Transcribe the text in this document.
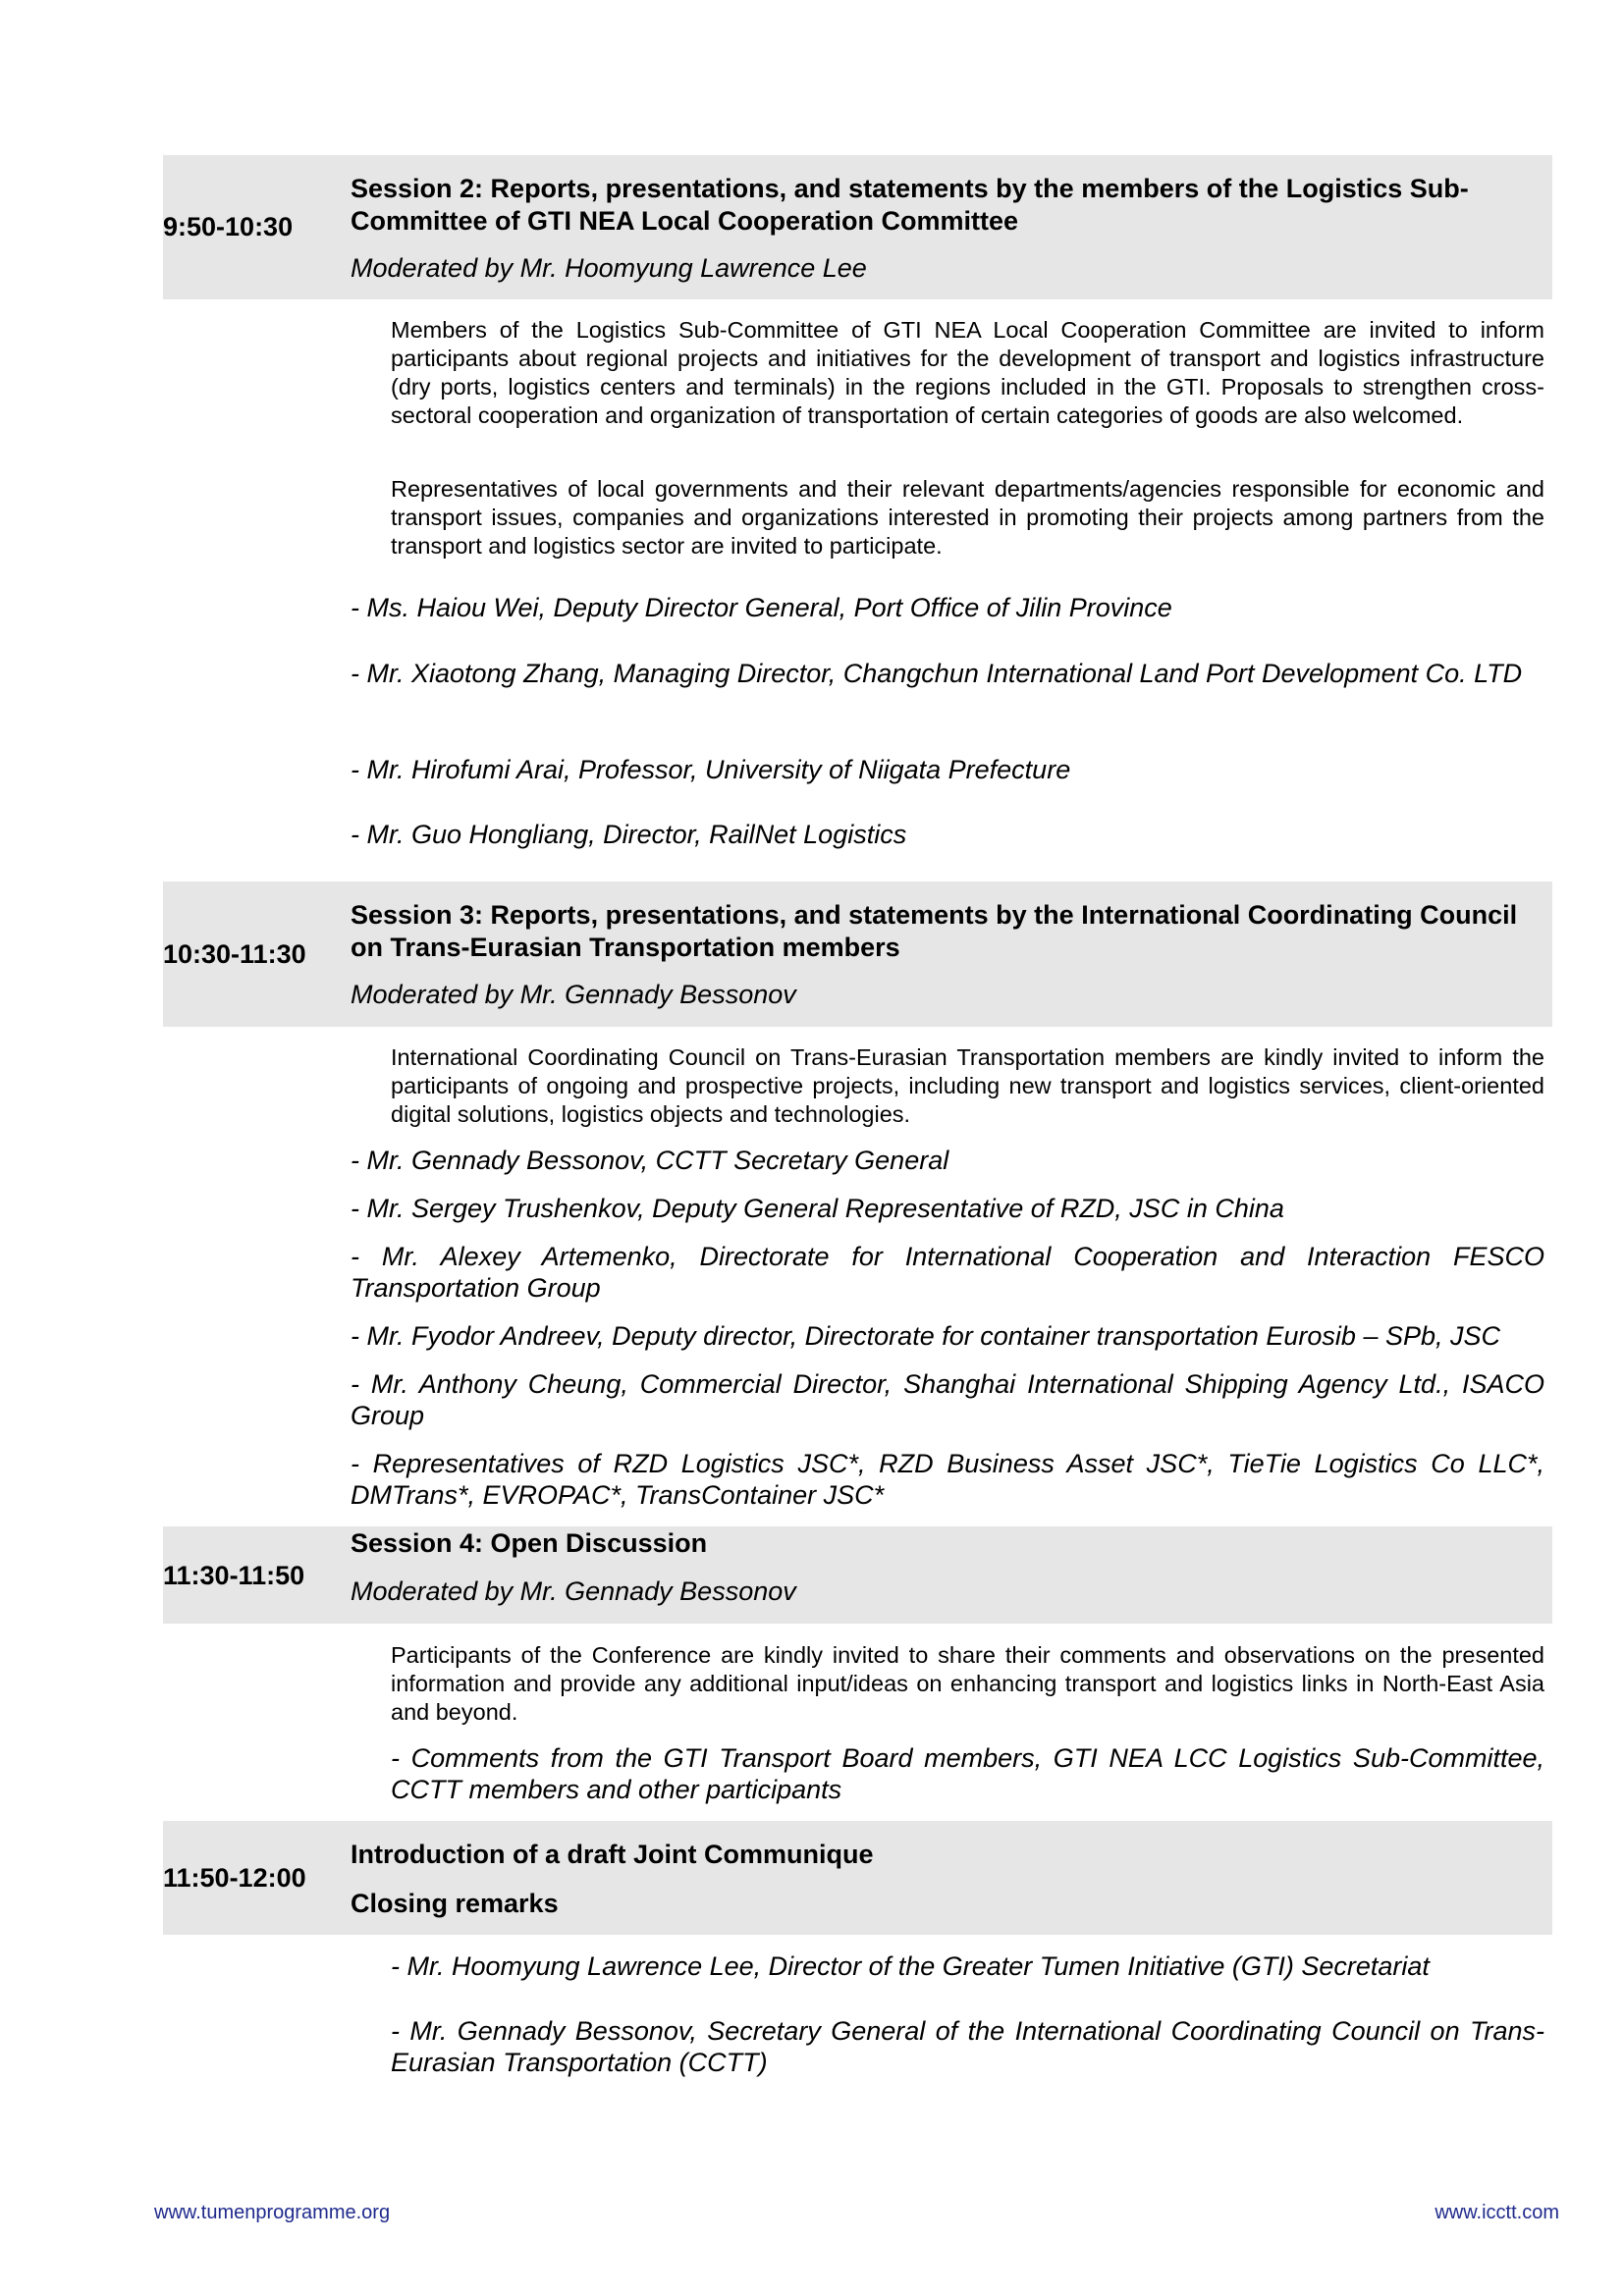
9:50-10:30
Session 2: Reports, presentations, and statements by the members of the Logistics Sub-Committee of GTI NEA Local Cooperation Committee
Moderated by Mr. Hoomyung Lawrence Lee
Members of the Logistics Sub-Committee of GTI NEA Local Cooperation Committee are invited to inform participants about regional projects and initiatives for the development of transport and logistics infrastructure (dry ports, logistics centers and terminals) in the regions included in the GTI. Proposals to strengthen cross-sectoral cooperation and organization of transportation of certain categories of goods are also welcomed.
Representatives of local governments and their relevant departments/agencies responsible for economic and transport issues, companies and organizations interested in promoting their projects among partners from the transport and logistics sector are invited to participate.
- Ms. Haiou Wei, Deputy Director General, Port Office of Jilin Province
- Mr. Xiaotong Zhang, Managing Director, Changchun International Land Port Development Co. LTD
- Mr. Hirofumi Arai, Professor, University of Niigata Prefecture
- Mr. Guo Hongliang, Director, RailNet Logistics
10:30-11:30
Session 3: Reports, presentations, and statements by the International Coordinating Council on Trans-Eurasian Transportation members
Moderated by Mr. Gennady Bessonov
International Coordinating Council on Trans-Eurasian Transportation members are kindly invited to inform the participants of ongoing and prospective projects, including new transport and logistics services, client-oriented digital solutions, logistics objects and technologies.
- Mr. Gennady Bessonov, CCTT Secretary General
- Mr. Sergey Trushenkov, Deputy General Representative of RZD, JSC in China
- Mr. Alexey Artemenko, Directorate for International Cooperation and Interaction FESCO Transportation Group
- Mr. Fyodor Andreev, Deputy director, Directorate for container transportation Eurosib – SPb, JSC
- Mr. Anthony Cheung, Commercial Director, Shanghai International Shipping Agency Ltd., ISACO Group
- Representatives of RZD Logistics JSC*, RZD Business Asset JSC*, TieTie Logistics Co LLC*, DMTrans*, EVROPAC*, TransContainer JSC*
11:30-11:50
Session 4: Open Discussion
Moderated by Mr. Gennady Bessonov
Participants of the Conference are kindly invited to share their comments and observations on the presented information and provide any additional input/ideas on enhancing transport and logistics links in North-East Asia and beyond.
- Comments from the GTI Transport Board members, GTI NEA LCC Logistics Sub-Committee, CCTT members and other participants
11:50-12:00
Introduction of a draft Joint Communique
Closing remarks
- Mr. Hoomyung Lawrence Lee, Director of the Greater Tumen Initiative (GTI) Secretariat
- Mr. Gennady Bessonov, Secretary General of the International Coordinating Council on Trans-Eurasian Transportation (CCTT)
www.tumenprogramme.org	www.icctt.com
